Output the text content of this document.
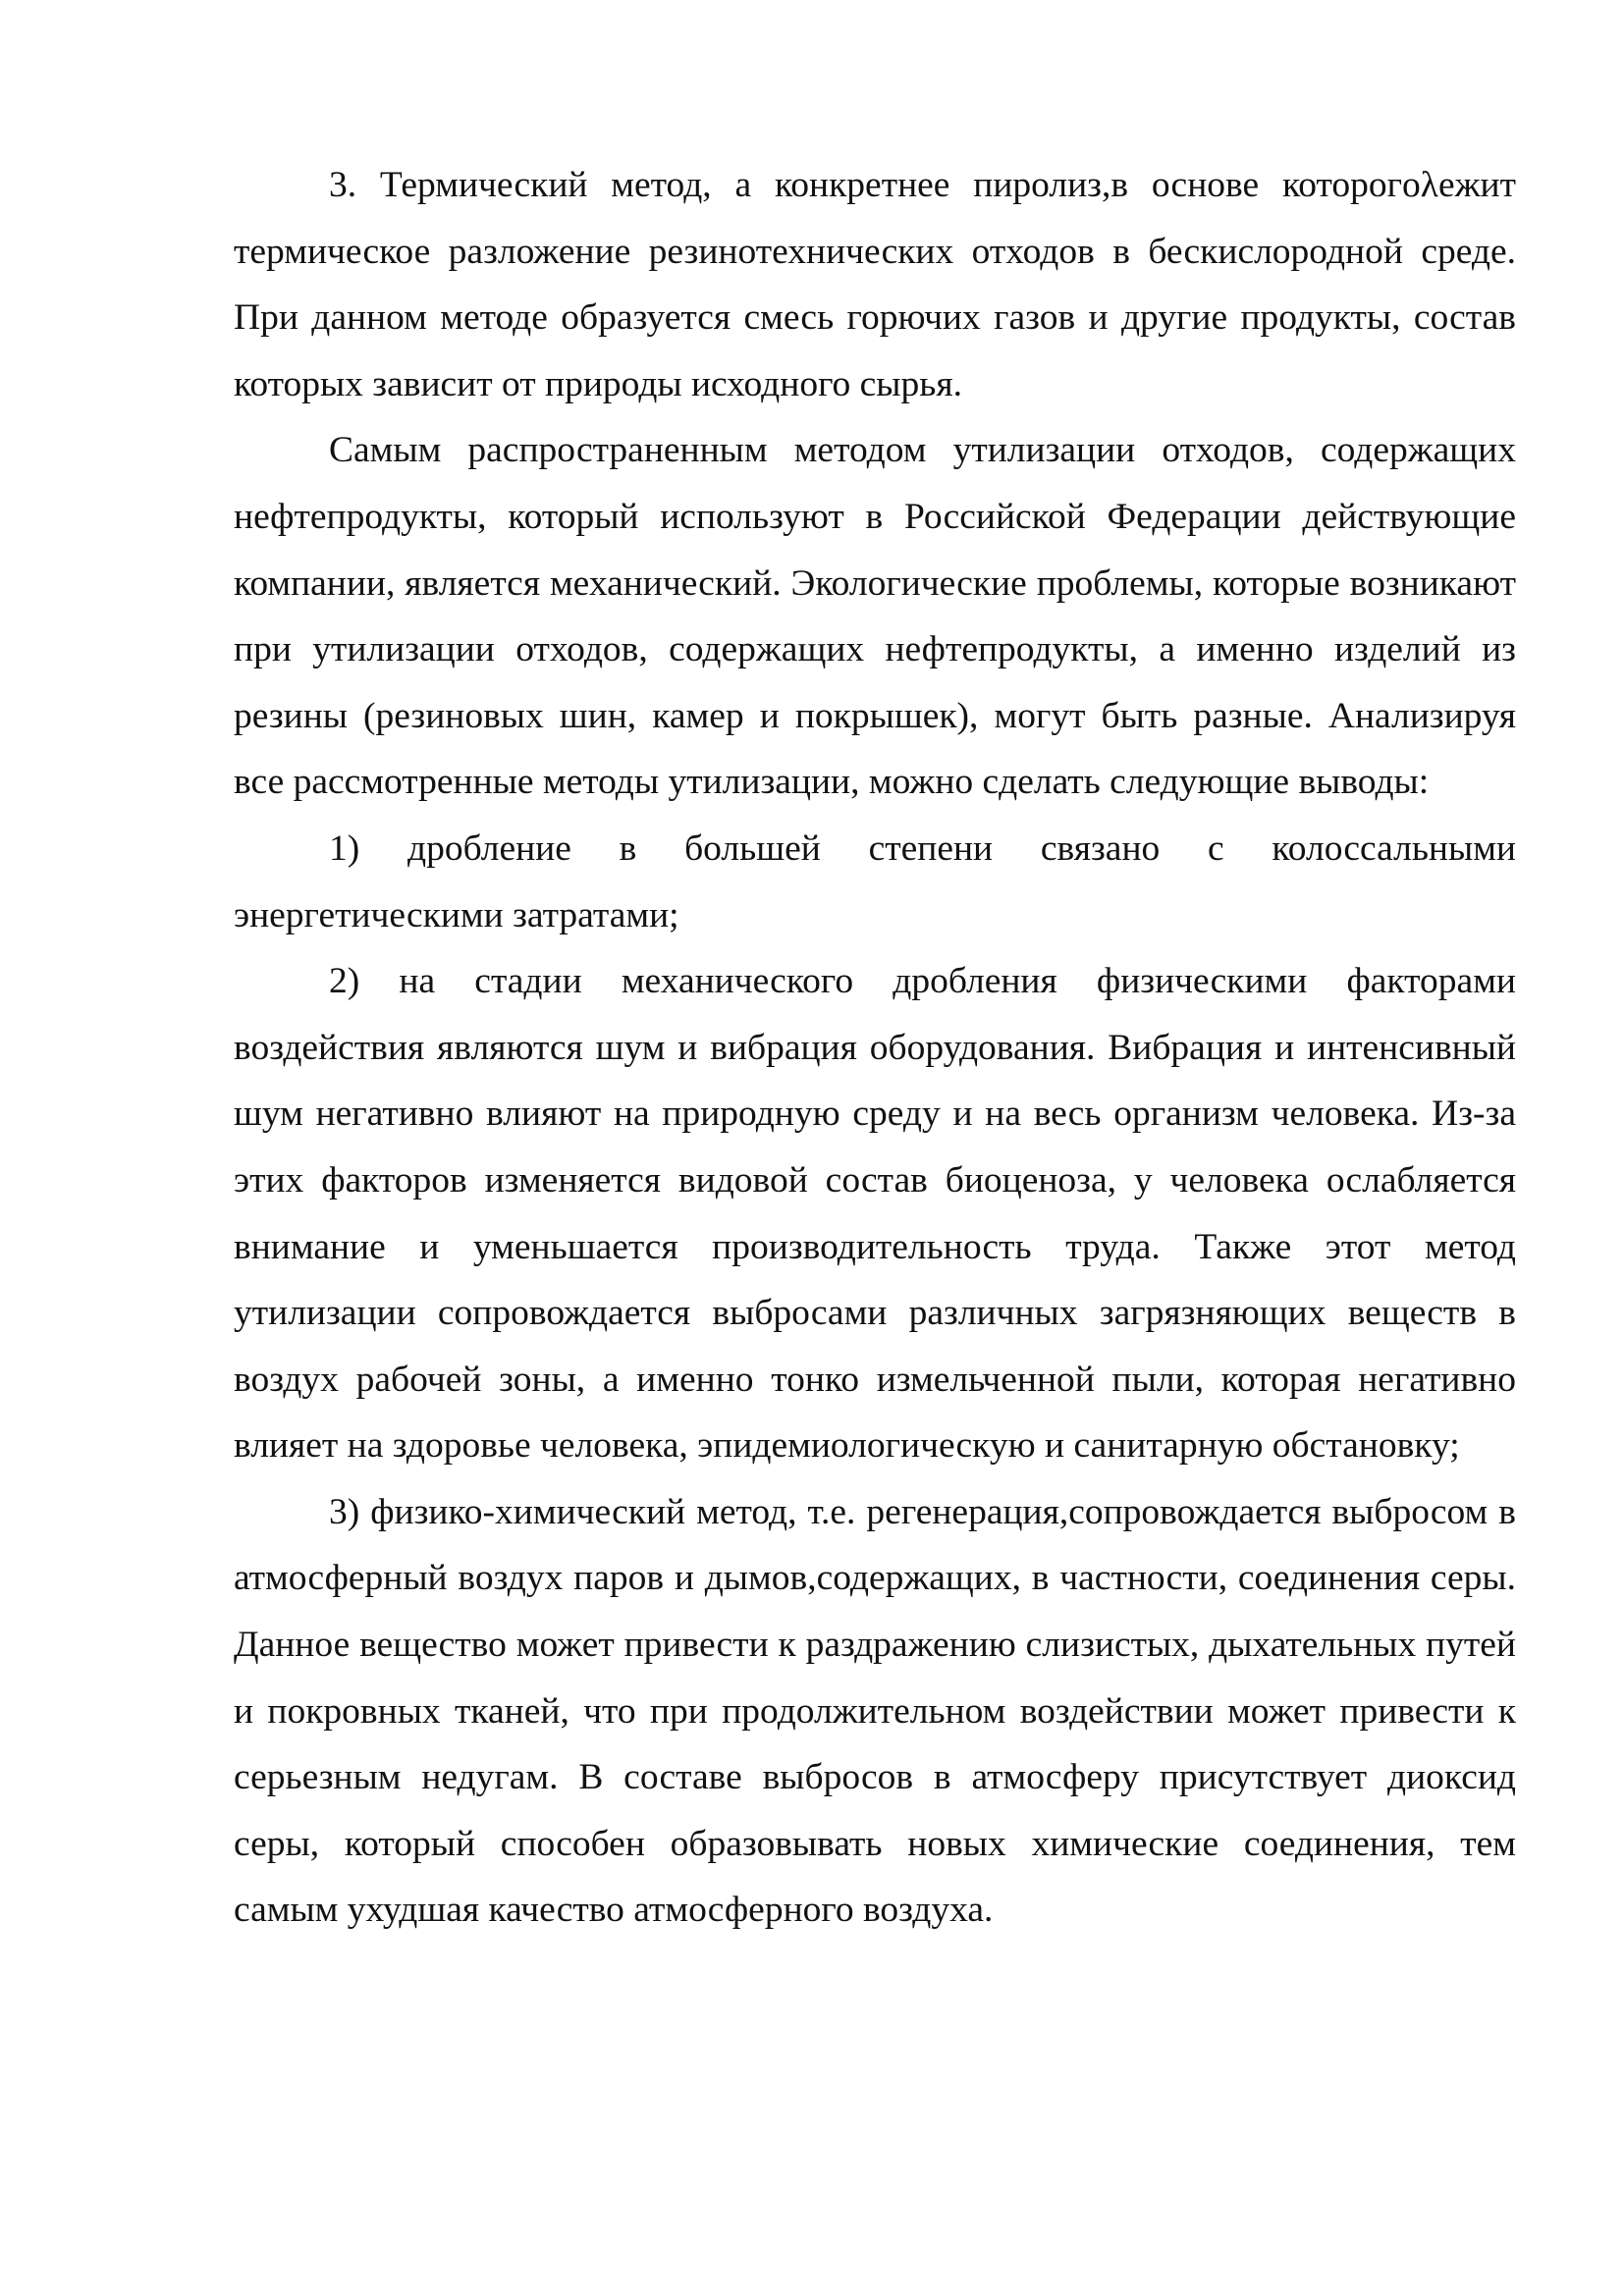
3. Термический метод, а конкретнее пиролиз,в основе которогολежит термическое разложение резинотехнических отходов в бескислородной среде. При данном методе образуется смесь горючих газов и другие продукты, состав которых зависит от природы исходного сырья.

Самым распространенным методом утилизации отходов, содержащих нефтепродукты, который используют в Российской Федерации действующие компании, является механический. Экологические проблемы, которые возникают при утилизации отходов, содержащих нефтепродукты, а именно изделий из резины (резиновых шин, камер и покрышек), могут быть разные. Анализируя все рассмотренные методы утилизации, можно сделать следующие выводы:

1) дробление в большей степени связано с колоссальными энергетическими затратами;

2) на стадии механического дробления физическими факторами воздействия являются шум и вибрация оборудования. Вибрация и интенсивный шум негативно влияют на природную среду и на весь организм человека. Из-за этих факторов изменяется видовой состав биоценоза, у человека ослабляется внимание и уменьшается производительность труда. Также этот метод утилизации сопровождается выбросами различных загрязняющих веществ в воздух рабочей зоны, а именно тонко измельченной пыли, которая негативно влияет на здоровье человека, эпидемиологическую и санитарную обстановку;

3) физико-химический метод, т.е. регенерация,сопровождается выбросом в атмосферный воздух паров и дымов,содержащих, в частности, соединения серы. Данное вещество может привести к раздражению слизистых, дыхательных путей и покровных тканей, что при продолжительном воздействии может привести к серьезным недугам. В составе выбросов в атмосферу присутствует диоксид серы, который способен образовывать новых химические соединения, тем самым ухудшая качество атмосферного воздуха.
